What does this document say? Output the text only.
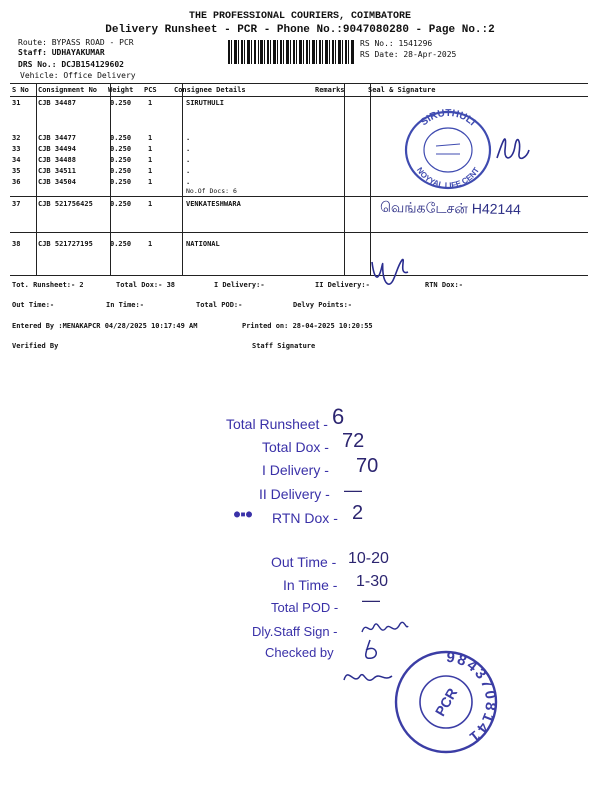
THE PROFESSIONAL COURIERS, COIMBATORE
Delivery Runsheet - PCR - Phone No.:9047080280 - Page No.:2
Route: BYPASS ROAD - PCR
Staff: UDHAYAKUMAR
DRS No.: DCJB154129602
Vehicle: Office Delivery
RS No.: 1541296
RS Date: 28-Apr-2025
S No Consignment No Weight PCS Consignee Details	Remarks	Seal & Signature
31	CJB 34487	0.250 1	SIRUTHULI
32	CJB 34477	0.250 1	.
33	CJB 34494	0.250 1	.
34	CJB 34488	0.250 1	.
35	CJB 34511	0.250 1	.
36	CJB 34504	0.250 1	.
No.Of Docs: 6
37	CJB 521756425 0.250 1	VENKATESHWARA
38	CJB 521727195 0.250 1	NATIONAL
SIRUTHULI
NOYYAL LIFE CENT
வெங்கடேசன் H42144
Tot. Runsheet:- 2	Total Dox:- 38	I Delivery:-	II Delivery:-	RTN Dox:-
Out Time:-	In Time:-	Total POD:-	Delvy Points:-
Entered By :MENAKAPCR 04/28/2025 10:17:49 AM	Printed on: 28-04-2025 10:20:55
Verified By	Staff Signature
Total Runsheet - 6
Total Dox - 72
I Delivery - 70
II Delivery - —
●▪● RTN Dox - 2
Out Time - 10-20
In Time - 1-30
Total POD - —
Dly.Staff Sign -
Checked by	9843708141
PCR
